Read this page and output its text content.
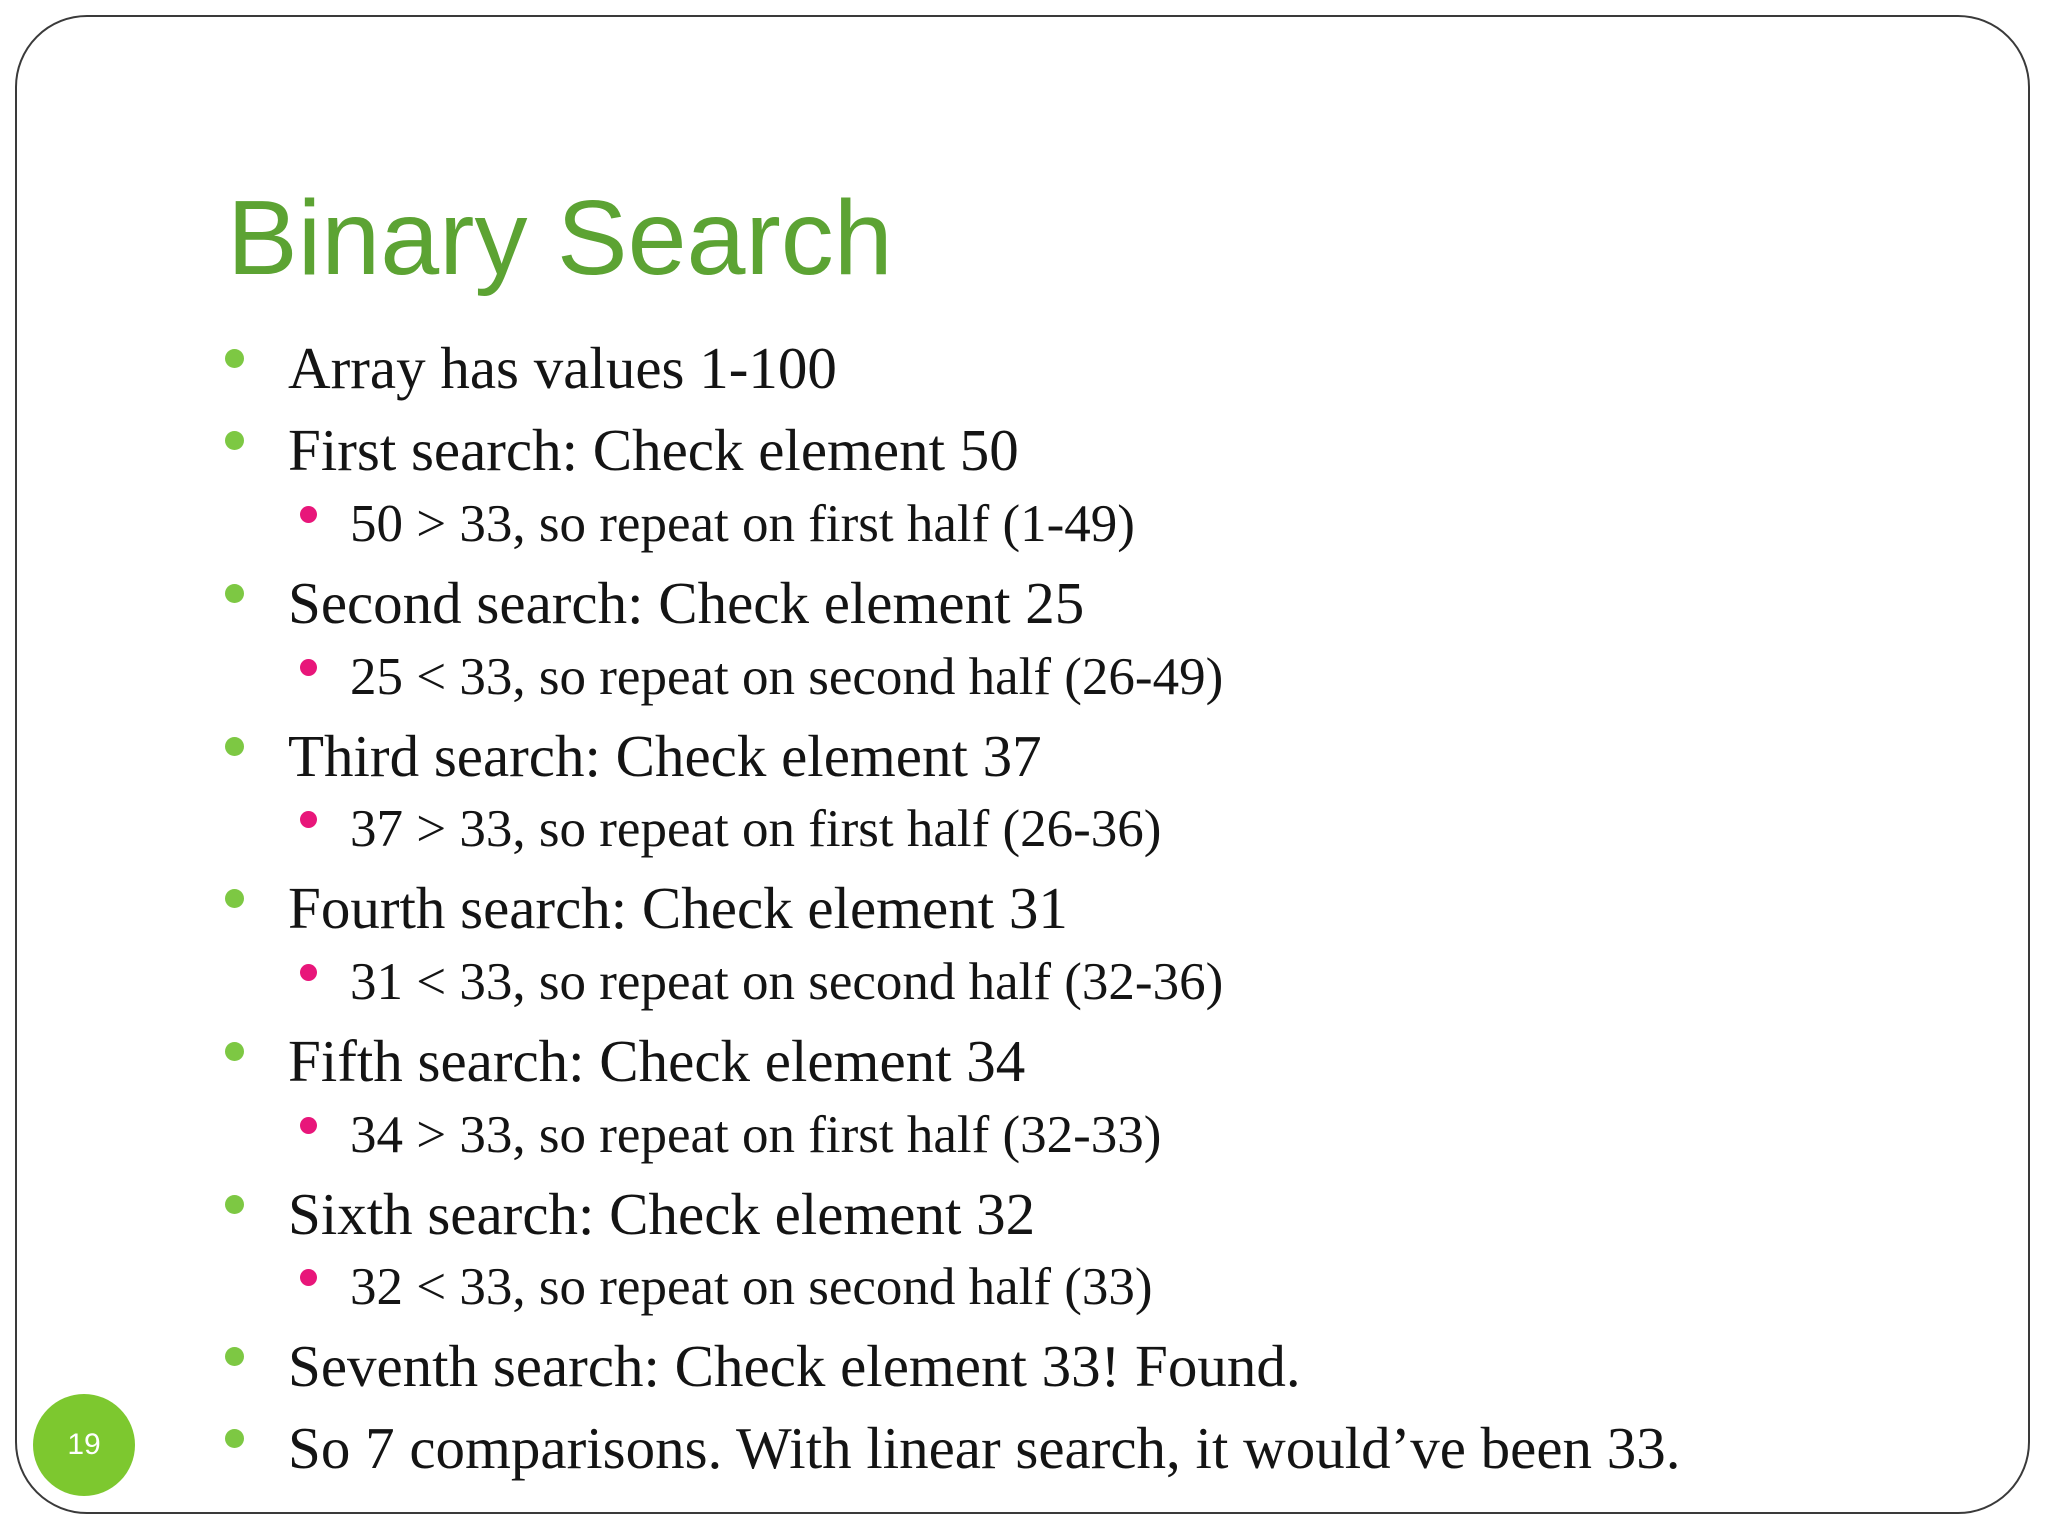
Binary Search
Array has values 1-100
First search: Check element 50
50 > 33, so repeat on first half (1-49)
Second search: Check element 25
25 < 33, so repeat on second half (26-49)
Third search: Check element 37
37 > 33, so repeat on first half (26-36)
Fourth search: Check element 31
31 < 33, so repeat on second half (32-36)
Fifth search: Check element 34
34 > 33, so repeat on first half (32-33)
Sixth search: Check element 32
32 < 33, so repeat on second half (33)
Seventh search: Check element 33! Found.
So 7 comparisons. With linear search, it would’ve been 33.
19
